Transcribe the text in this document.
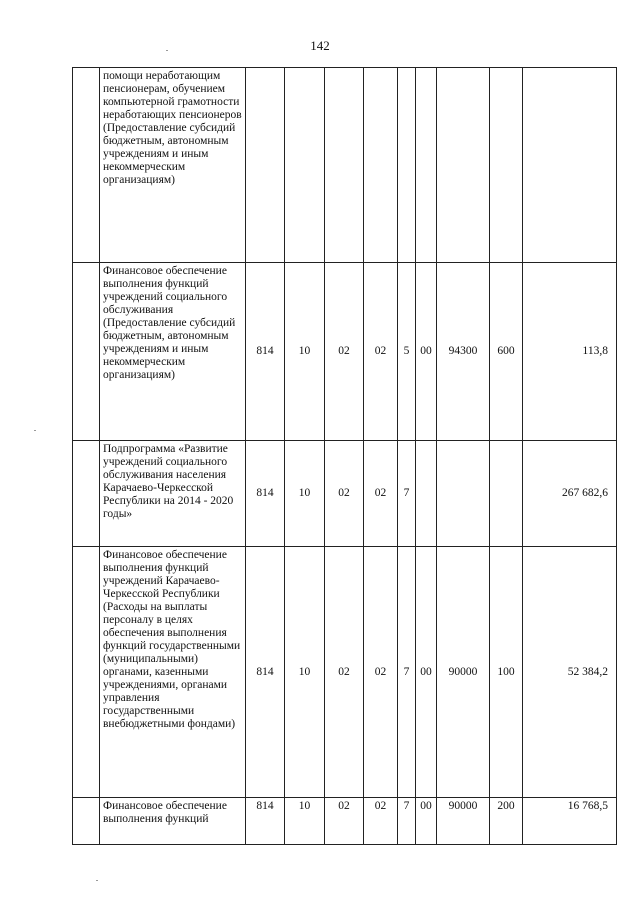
142
	помощи неработающим пенсионерам, обучением компьютерной грамотности неработающих пенсионеров (Предоставление субсидий бюджетным, автономным учреждениям и иным некоммерческим организациям)									
	Финансовое обеспечение выполнения функций учреждений социального обслуживания (Предоставление субсидий бюджетным, автономным учреждениям и иным некоммерческим организациям)	814	10	02	02	5	00	94300	600	113,8
	Подпрограмма «Развитие учреждений социального обслуживания населения Карачаево-Черкесской Республики на 2014 - 2020 годы»	814	10	02	02	7				267 682,6
	Финансовое обеспечение выполнения функций учреждений Карачаево-Черкесской Республики (Расходы на выплаты персоналу в целях обеспечения выполнения функций государственными (муниципальными) органами, казенными учреждениями, органами управления государственными внебюджетными фондами)	814	10	02	02	7	00	90000	100	52 384,2
	Финансовое обеспечение выполнения функций	814	10	02	02	7	00	90000	200	16 768,5
